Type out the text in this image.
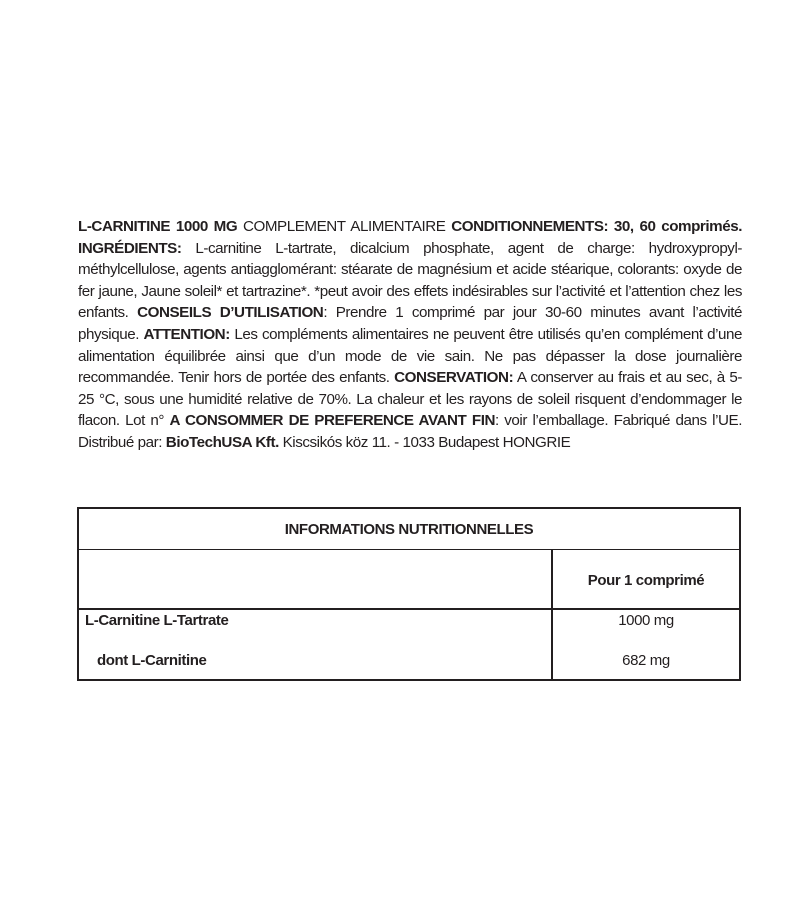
L-CARNITINE 1000 MG COMPLEMENT ALIMENTAIRE CONDITIONNEMENTS: 30, 60 comprimés. INGRÉDIENTS: L-carnitine L-tartrate, dicalcium phosphate, agent de charge: hydroxypropyl-méthylcellulose, agents antiagglomérant: stéarate de magnésium et acide stéarique, colorants: oxyde de fer jaune, Jaune soleil* et tartrazine*. *peut avoir des effets indésirables sur l’activité et l’attention chez les enfants. CONSEILS D’UTILISATION: Prendre 1 comprimé par jour 30-60 minutes avant l’activité physique. ATTENTION: Les compléments alimentaires ne peuvent être utilisés qu’en complément d’une alimentation équilibrée ainsi que d’un mode de vie sain. Ne pas dépasser la dose journalière recommandée. Tenir hors de portée des enfants. CONSERVATION: A conserver au frais et au sec, à 5-25 °C, sous une humidité relative de 70%. La chaleur et les rayons de soleil risquent d’endommager le flacon. Lot n° A CONSOMMER DE PREFERENCE AVANT FIN: voir l’emballage. Fabriqué dans l’UE. Distribué par: BioTechUSA Kft. Kiscsikós köz 11. - 1033 Budapest HONGRIE
INFORMATIONS NUTRITIONNELLES
Pour 1 comprimé
L-Carnitine L-Tartrate	1000 mg
dont L-Carnitine	682 mg
